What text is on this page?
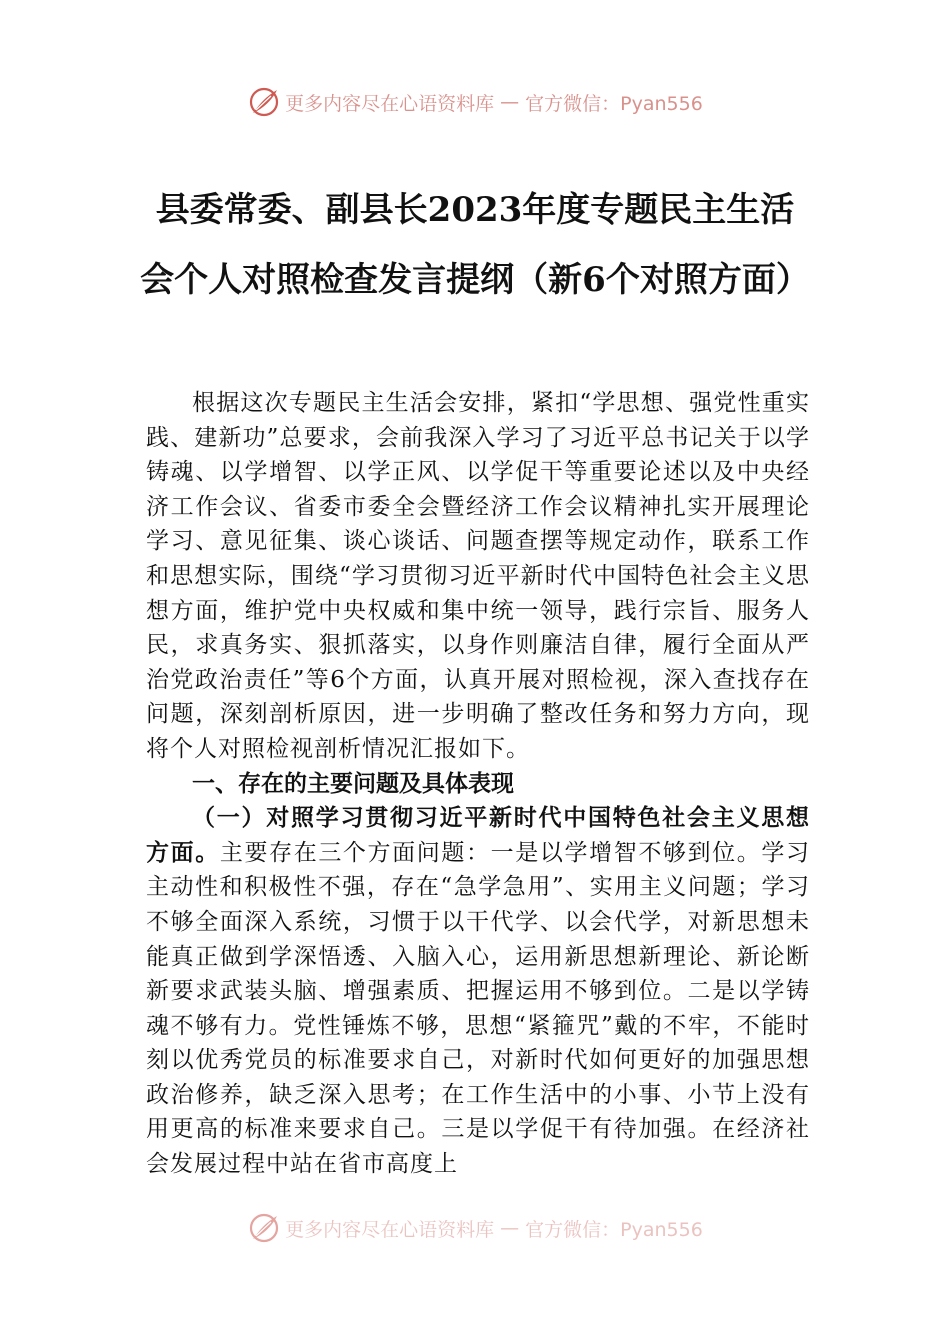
更多内容尽在心语资料库 — 官方微信：Pyan556
县委常委、副县长2023年度专题民主生活会个人对照检查发言提纲（新6个对照方面）

根据这次专题民主生活会安排，紧扣“学思想、强党性重实践、建新功”总要求，会前我深入学习了习近平总书记关于以学铸魂、以学增智、以学正风、以学促干等重要论述以及中央经济工作会议、省委市委全会暨经济工作会议精神扎实开展理论学习、意见征集、谈心谈话、问题查摆等规定动作，联系工作和思想实际，围绕“学习贯彻习近平新时代中国特色社会主义思想方面，维护党中央权威和集中统一领导，践行宗旨、服务人民，求真务实、狠抓落实，以身作则廉洁自律，履行全面从严治党政治责任”等6个方面，认真开展对照检视，深入查找存在问题，深刻剖析原因，进一步明确了整改任务和努力方向，现将个人对照检视剖析情况汇报如下。

一、存在的主要问题及具体表现

（一）对照学习贯彻习近平新时代中国特色社会主义思想方面。主要存在三个方面问题：一是以学增智不够到位。学习主动性和积极性不强，存在“急学急用”、实用主义问题；学习不够全面深入系统，习惯于以干代学、以会代学，对新思想未能真正做到学深悟透、入脑入心，运用新思想新理论、新论断新要求武装头脑、增强素质、把握运用不够到位。二是以学铸魂不够有力。党性锤炼不够，思想“紧箍咒”戴的不牢，不能时刻以优秀党员的标准要求自己，对新时代如何更好的加强思想政治修养，缺乏深入思考；在工作生活中的小事、小节上没有用更高的标准来要求自己。三是以学促干有待加强。在经济社会发展过程中站在省市高度上

更多内容尽在心语资料库 — 官方微信：Pyan556
